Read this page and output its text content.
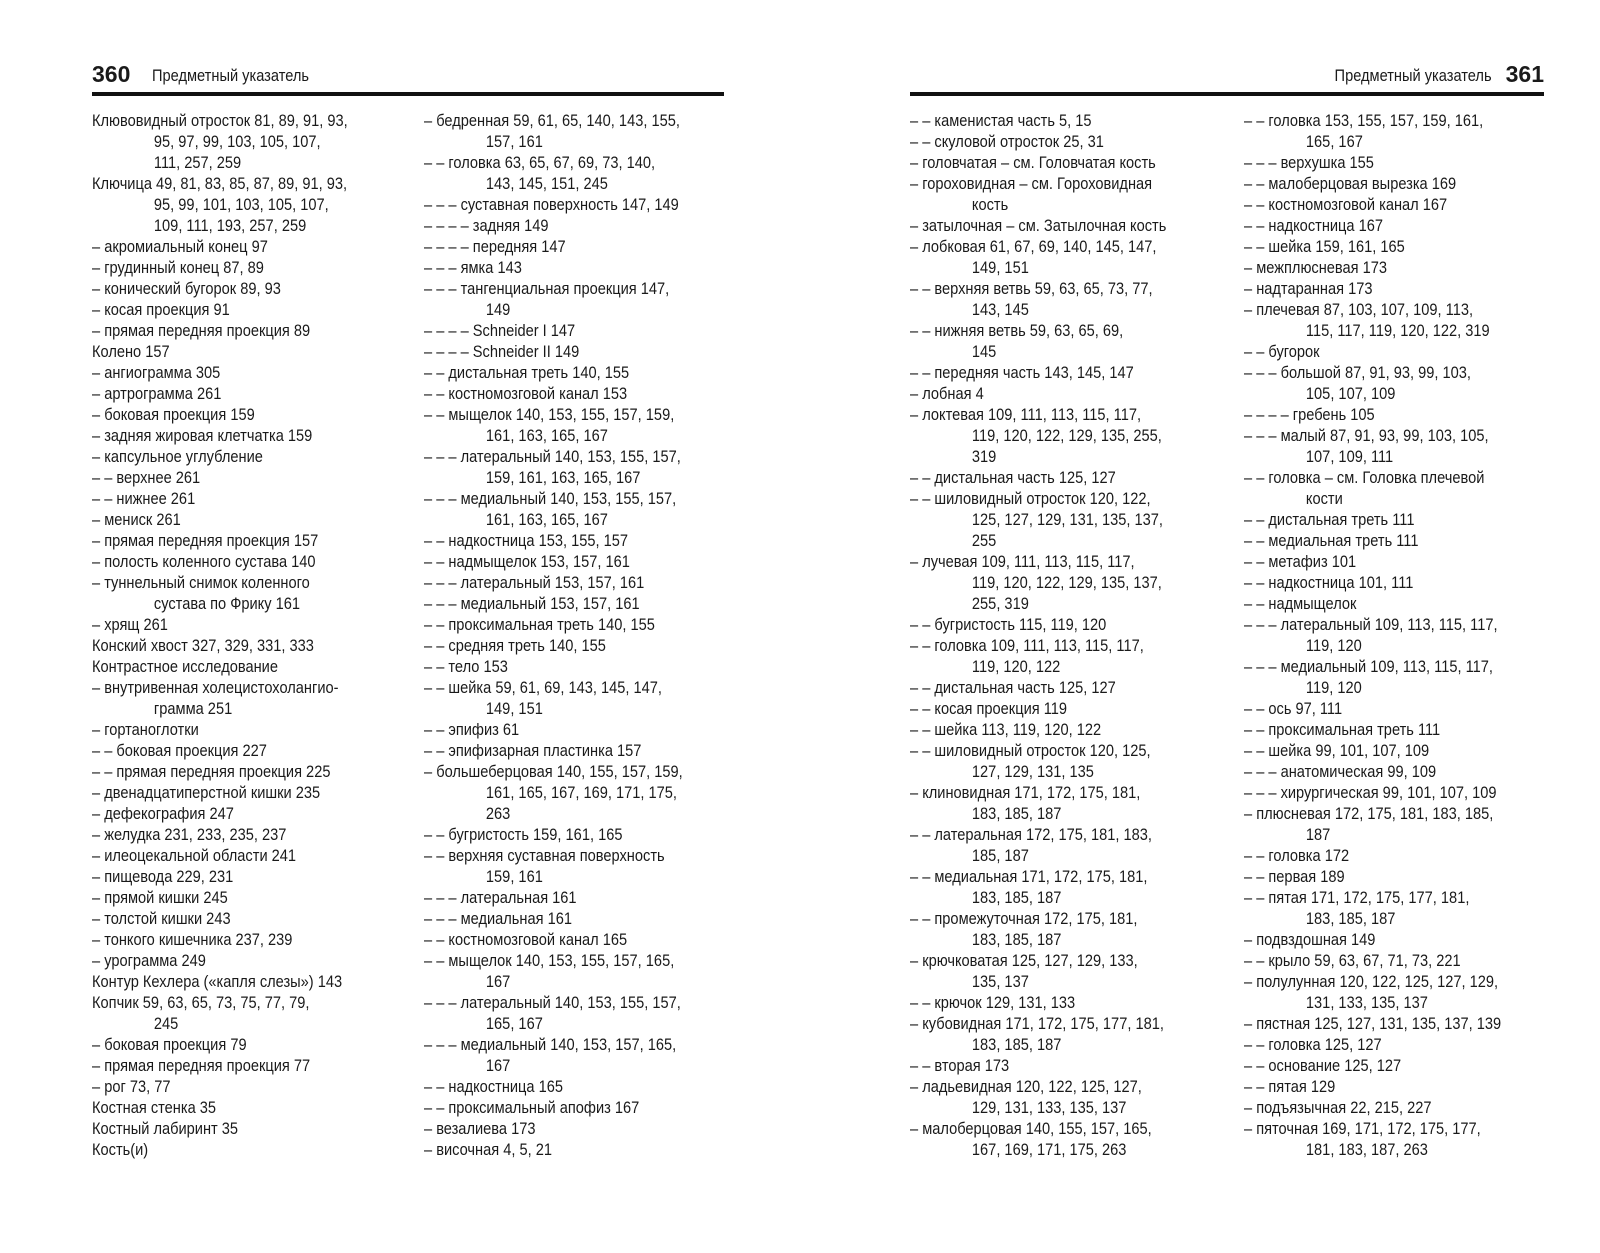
360 Предметный указатель
Клювовидный отросток 81, 89, 91, 93,
95, 97, 99, 103, 105, 107,
111, 257, 259
Ключица 49, 81, 83, 85, 87, 89, 91, 93,
95, 99, 101, 103, 105, 107,
109, 111, 193, 257, 259
– акромиальный конец 97
– грудинный конец 87, 89
– конический бугорок 89, 93
– косая проекция 91
– прямая передняя проекция 89
Колено 157
– ангиограмма 305
– артрограмма 261
– боковая проекция 159
– задняя жировая клетчатка 159
– капсульное углубление
– – верхнее 261
– – нижнее 261
– мениск 261
– прямая передняя проекция 157
– полость коленного сустава 140
– туннельный снимок коленного
сустава по Фрику 161
– хрящ 261
Конский хвост 327, 329, 331, 333
Контрастное исследование
– внутривенная холецистохолангио-
грамма 251
– гортаноглотки
– – боковая проекция 227
– – прямая передняя проекция 225
– двенадцатиперстной кишки 235
– дефекография 247
– желудка 231, 233, 235, 237
– илеоцекальной области 241
– пищевода 229, 231
– прямой кишки 245
– толстой кишки 243
– тонкого кишечника 237, 239
– урограмма 249
Контур Кехлера («капля слезы») 143
Копчик 59, 63, 65, 73, 75, 77, 79,
245
– боковая проекция 79
– прямая передняя проекция 77
– рог 73, 77
Костная стенка 35
Костный лабиринт 35
Кость(и)
– бедренная 59, 61, 65, 140, 143, 155,
157, 161
– – головка 63, 65, 67, 69, 73, 140,
143, 145, 151, 245
– – – суставная поверхность 147, 149
– – – – задняя 149
– – – – передняя 147
– – – ямка 143
– – – тангенциальная проекция 147,
149
– – – – Schneider I 147
– – – – Schneider II 149
– – дистальная треть 140, 155
– – костномозговой канал 153
– – мыщелок 140, 153, 155, 157, 159,
161, 163, 165, 167
– – – латеральный 140, 153, 155, 157,
159, 161, 163, 165, 167
– – – медиальный 140, 153, 155, 157,
161, 163, 165, 167
– – надкостница 153, 155, 157
– – надмыщелок 153, 157, 161
– – – латеральный 153, 157, 161
– – – медиальный 153, 157, 161
– – проксимальная треть 140, 155
– – средняя треть 140, 155
– – тело 153
– – шейка 59, 61, 69, 143, 145, 147,
149, 151
– – эпифиз 61
– – эпифизарная пластинка 157
– большеберцовая 140, 155, 157, 159,
161, 165, 167, 169, 171, 175,
263
– – бугристость 159, 161, 165
– – верхняя суставная поверхность
159, 161
– – – латеральная 161
– – – медиальная 161
– – костномозговой канал 165
– – мыщелок 140, 153, 155, 157, 165,
167
– – – латеральный 140, 153, 155, 157,
165, 167
– – – медиальный 140, 153, 157, 165,
167
– – надкостница 165
– – проксимальный апофиз 167
– везалиева 173
– височная 4, 5, 21
Предметный указатель 361
– – каменистая часть 5, 15
– – скуловой отросток 25, 31
– головчатая – см. Головчатая кость
– гороховидная – см. Гороховидная
кость
– затылочная – см. Затылочная кость
– лобковая 61, 67, 69, 140, 145, 147,
149, 151
– – верхняя ветвь 59, 63, 65, 73, 77,
143, 145
– – нижняя ветвь 59, 63, 65, 69,
145
– – передняя часть 143, 145, 147
– лобная 4
– локтевая 109, 111, 113, 115, 117,
119, 120, 122, 129, 135, 255,
319
– – дистальная часть 125, 127
– – шиловидный отросток 120, 122,
125, 127, 129, 131, 135, 137,
255
– лучевая 109, 111, 113, 115, 117,
119, 120, 122, 129, 135, 137,
255, 319
– – бугристость 115, 119, 120
– – головка 109, 111, 113, 115, 117,
119, 120, 122
– – дистальная часть 125, 127
– – косая проекция 119
– – шейка 113, 119, 120, 122
– – шиловидный отросток 120, 125,
127, 129, 131, 135
– клиновидная 171, 172, 175, 181,
183, 185, 187
– – латеральная 172, 175, 181, 183,
185, 187
– – медиальная 171, 172, 175, 181,
183, 185, 187
– – промежуточная 172, 175, 181,
183, 185, 187
– крючковатая 125, 127, 129, 133,
135, 137
– – крючок 129, 131, 133
– кубовидная 171, 172, 175, 177, 181,
183, 185, 187
– – вторая 173
– ладьевидная 120, 122, 125, 127,
129, 131, 133, 135, 137
– малоберцовая 140, 155, 157, 165,
167, 169, 171, 175, 263
– – головка 153, 155, 157, 159, 161,
165, 167
– – – верхушка 155
– – малоберцовая вырезка 169
– – костномозговой канал 167
– – надкостница 167
– – шейка 159, 161, 165
– межплюсневая 173
– надтаранная 173
– плечевая 87, 103, 107, 109, 113,
115, 117, 119, 120, 122, 319
– – бугорок
– – – большой 87, 91, 93, 99, 103,
105, 107, 109
– – – – гребень 105
– – – малый 87, 91, 93, 99, 103, 105,
107, 109, 111
– – головка – см. Головка плечевой
кости
– – дистальная треть 111
– – медиальная треть 111
– – метафиз 101
– – надкостница 101, 111
– – надмыщелок
– – – латеральный 109, 113, 115, 117,
119, 120
– – – медиальный 109, 113, 115, 117,
119, 120
– – ось 97, 111
– – проксимальная треть 111
– – шейка 99, 101, 107, 109
– – – анатомическая 99, 109
– – – хирургическая 99, 101, 107, 109
– плюсневая 172, 175, 181, 183, 185,
187
– – головка 172
– – первая 189
– – пятая 171, 172, 175, 177, 181,
183, 185, 187
– подвздошная 149
– – крыло 59, 63, 67, 71, 73, 221
– полулунная 120, 122, 125, 127, 129,
131, 133, 135, 137
– пястная 125, 127, 131, 135, 137, 139
– – головка 125, 127
– – основание 125, 127
– – пятая 129
– подъязычная 22, 215, 227
– пяточная 169, 171, 172, 175, 177,
181, 183, 187, 263
